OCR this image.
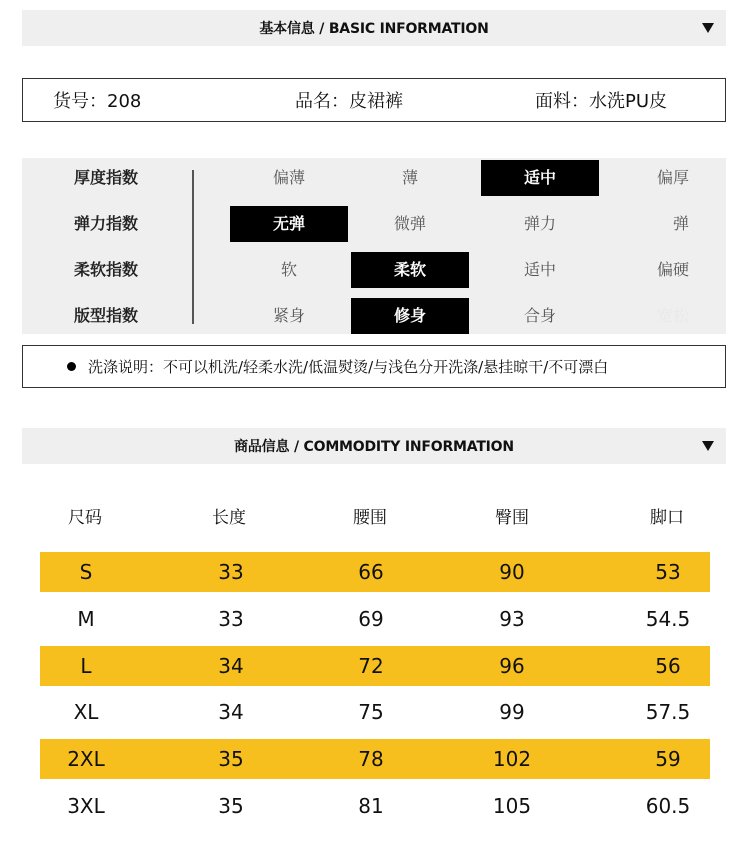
基本信息 / BASIC INFORMATION
货号：208	品名：皮裙裤	面料：水洗PU皮
厚度指数	偏薄	薄	适中	偏厚
弹力指数	无弹	微弹	弹力	弹
柔软指数	软	柔软	适中	偏硬
版型指数	紧身	修身	合身	宽松
洗涤说明：不可以机洗/轻柔水洗/低温熨烫/与浅色分开洗涤/悬挂晾干/不可漂白
商品信息 / COMMODITY INFORMATION
尺码	长度	腰围	臀围	脚口
S	33	66	90	53
M	33	69	93	54.5
L	34	72	96	56
XL	34	75	99	57.5
2XL	35	78	102	59
3XL	35	81	105	60.5
